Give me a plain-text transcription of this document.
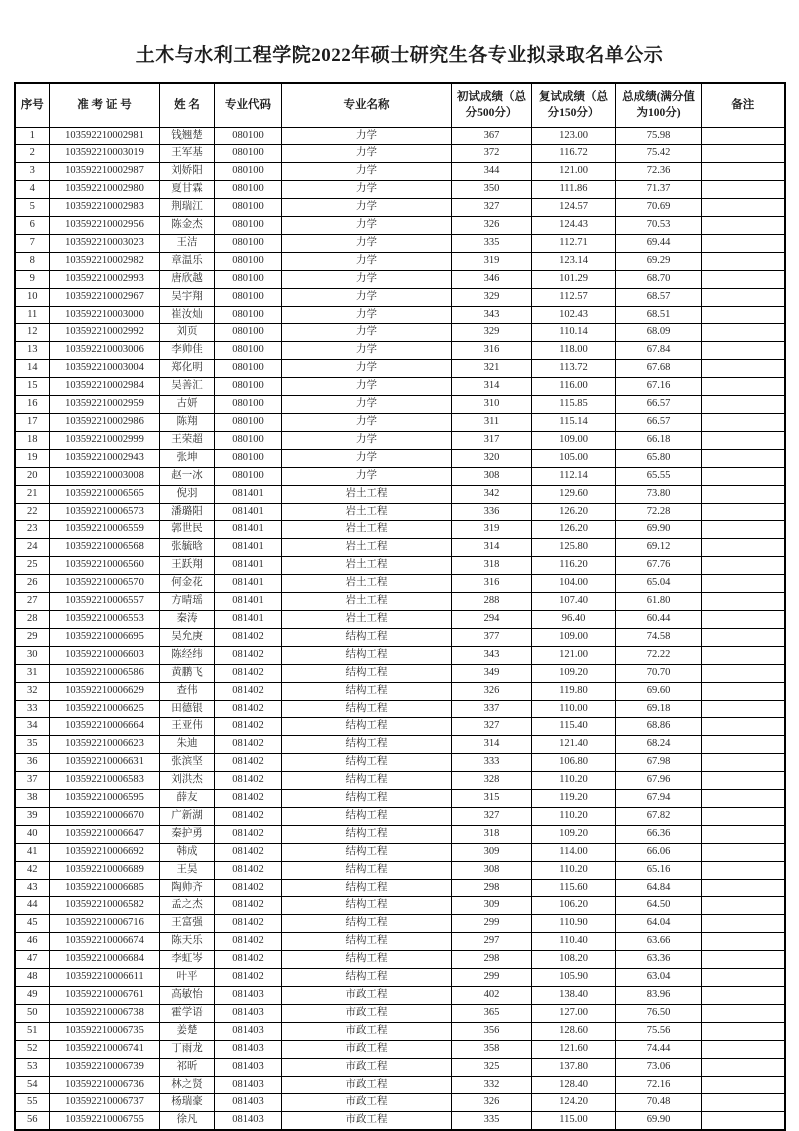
土木与水利工程学院2022年硕士研究生各专业拟录取名单公示
序号	准 考 证 号	姓 名	专业代码	专业名称	初试成绩（总分500分）	复试成绩（总分150分）	总成绩(满分值为100分)	备注
1	103592210002981	钱翘楚	080100	力学	367	123.00	75.98	
2	103592210003019	王军基	080100	力学	372	116.72	75.42	
3	103592210002987	刘娇阳	080100	力学	344	121.00	72.36	
4	103592210002980	夏甘霖	080100	力学	350	111.86	71.37	
5	103592210002983	荆瑞江	080100	力学	327	124.57	70.69	
6	103592210002956	陈金杰	080100	力学	326	124.43	70.53	
7	103592210003023	王洁	080100	力学	335	112.71	69.44	
8	103592210002982	章温乐	080100	力学	319	123.14	69.29	
9	103592210002993	唐欣越	080100	力学	346	101.29	68.70	
10	103592210002967	吴宇翔	080100	力学	329	112.57	68.57	
11	103592210003000	崔汝灿	080100	力学	343	102.43	68.51	
12	103592210002992	刘页	080100	力学	329	110.14	68.09	
13	103592210003006	李帅佳	080100	力学	316	118.00	67.84	
14	103592210003004	郑化明	080100	力学	321	113.72	67.68	
15	103592210002984	吴善汇	080100	力学	314	116.00	67.16	
16	103592210002959	古妍	080100	力学	310	115.85	66.57	
17	103592210002986	陈翔	080100	力学	311	115.14	66.57	
18	103592210002999	王荣超	080100	力学	317	109.00	66.18	
19	103592210002943	张坤	080100	力学	320	105.00	65.80	
20	103592210003008	赵一冰	080100	力学	308	112.14	65.55	
21	103592210006565	倪羽	081401	岩土工程	342	129.60	73.80	
22	103592210006573	潘璐阳	081401	岩土工程	336	126.20	72.28	
23	103592210006559	郭世民	081401	岩土工程	319	126.20	69.90	
24	103592210006568	张毓晗	081401	岩土工程	314	125.80	69.12	
25	103592210006560	王跃翔	081401	岩土工程	318	116.20	67.76	
26	103592210006570	何金花	081401	岩土工程	316	104.00	65.04	
27	103592210006557	方晴瑶	081401	岩土工程	288	107.40	61.80	
28	103592210006553	秦涛	081401	岩土工程	294	96.40	60.44	
29	103592210006695	吴允庚	081402	结构工程	377	109.00	74.58	
30	103592210006603	陈经纬	081402	结构工程	343	121.00	72.22	
31	103592210006586	黄鹏飞	081402	结构工程	349	109.20	70.70	
32	103592210006629	查伟	081402	结构工程	326	119.80	69.60	
33	103592210006625	田德银	081402	结构工程	337	110.00	69.18	
34	103592210006664	王亚伟	081402	结构工程	327	115.40	68.86	
35	103592210006623	朱迪	081402	结构工程	314	121.40	68.24	
36	103592210006631	张滨坚	081402	结构工程	333	106.80	67.98	
37	103592210006583	刘洪杰	081402	结构工程	328	110.20	67.96	
38	103592210006595	薛友	081402	结构工程	315	119.20	67.94	
39	103592210006670	广新湖	081402	结构工程	327	110.20	67.82	
40	103592210006647	秦护勇	081402	结构工程	318	109.20	66.36	
41	103592210006692	韩成	081402	结构工程	309	114.00	66.06	
42	103592210006689	王昊	081402	结构工程	308	110.20	65.16	
43	103592210006685	陶帅齐	081402	结构工程	298	115.60	64.84	
44	103592210006582	孟之杰	081402	结构工程	309	106.20	64.50	
45	103592210006716	王富强	081402	结构工程	299	110.90	64.04	
46	103592210006674	陈天乐	081402	结构工程	297	110.40	63.66	
47	103592210006684	李虹岑	081402	结构工程	298	108.20	63.36	
48	103592210006611	叶平	081402	结构工程	299	105.90	63.04	
49	103592210006761	高敏怡	081403	市政工程	402	138.40	83.96	
50	103592210006738	霍学语	081403	市政工程	365	127.00	76.50	
51	103592210006735	姜楚	081403	市政工程	356	128.60	75.56	
52	103592210006741	丁雨龙	081403	市政工程	358	121.60	74.44	
53	103592210006739	祁昕	081403	市政工程	325	137.80	73.06	
54	103592210006736	林之贤	081403	市政工程	332	128.40	72.16	
55	103592210006737	杨瑞豪	081403	市政工程	326	124.20	70.48	
56	103592210006755	徐凡	081403	市政工程	335	115.00	69.90	
